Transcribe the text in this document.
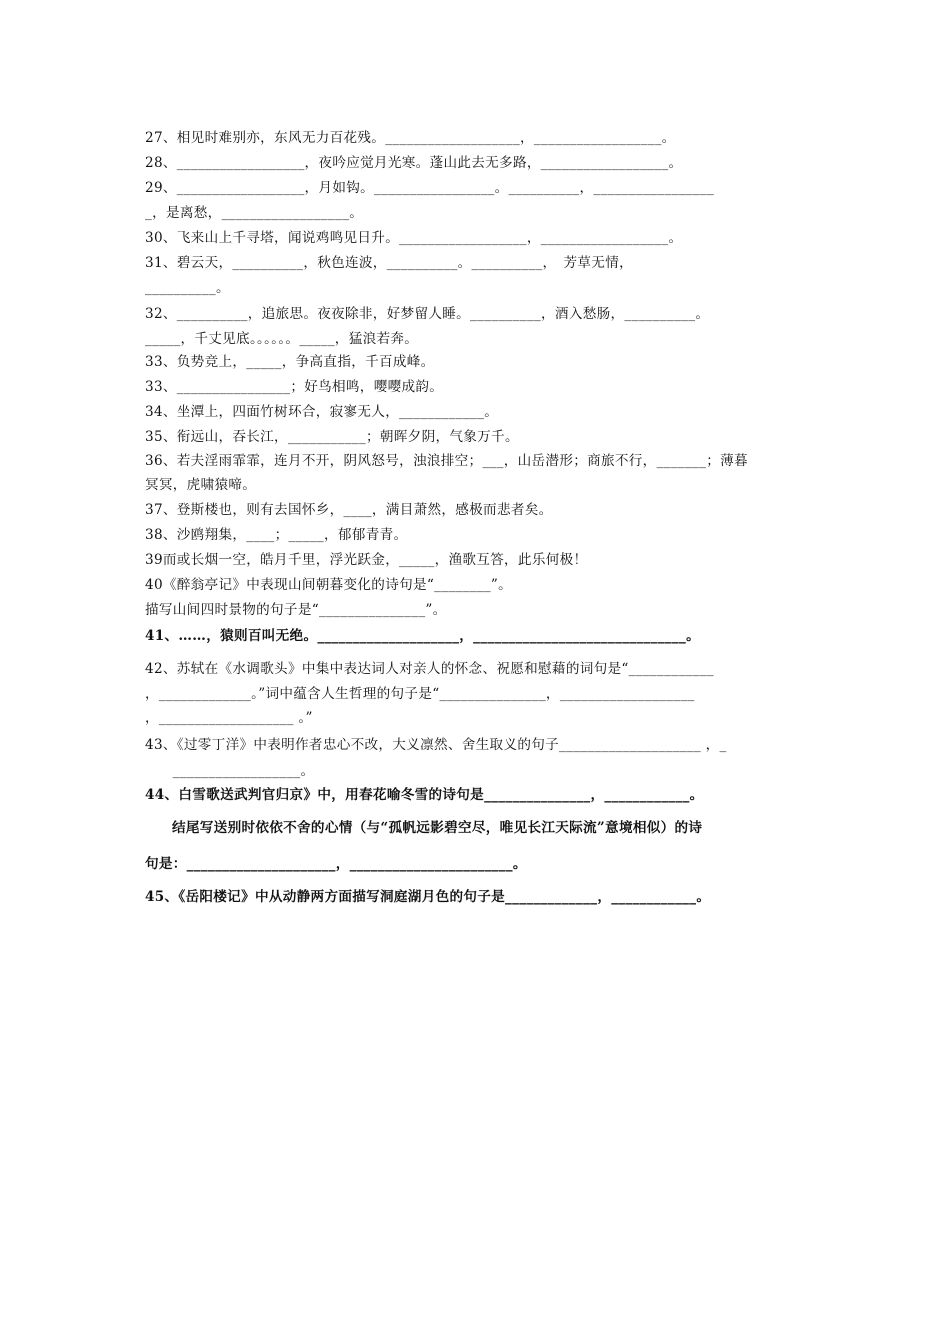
27、相见时难别亦，东风无力百花残。___________________，__________________。
28、__________________，夜吟应觉月光寒。蓬山此去无多路，__________________。
29、__________________，月如钩。_________________。__________，_________________
_，是离愁，__________________。
30、飞来山上千寻塔，闻说鸡鸣见日升。__________________，__________________。
31、碧云天，__________，秋色连波，__________。__________，　芳草无情，
__________。
32、__________，追旅思。夜夜除非，好梦留人睡。__________，酒入愁肠，__________。
_____，千丈见底。。。。。。_____，猛浪若奔。
33、负势竞上，_____，争高直指，千百成峰。
33、________________；好鸟相鸣，嘤嘤成韵。
34、坐潭上，四面竹树环合，寂寥无人，____________。
35、衔远山，吞长江，___________；朝晖夕阴，气象万千。
36、若夫淫雨霏霏，连月不开，阴风怒号，浊浪排空；___，山岳潜形；商旅不行，_______；薄暮
冥冥，虎啸猿啼。
37、登斯楼也，则有去国怀乡，____，满目萧然，感极而悲者矣。
38、沙鸥翔集，____；_____，郁郁青青。
39而或长烟一空，皓月千里，浮光跃金，_____，渔歌互答，此乐何极！
40《醉翁亭记》中表现山间朝暮变化的诗句是“________”。
描写山间四时景物的句子是“_______________”。
41、……，猿则百叫无绝。____________________，______________________________。
42、苏轼在《水调歌头》中集中表达词人对亲人的怀念、祝愿和慰藉的词句是“____________
，_____________。”词中蕴含人生哲理的句子是“_______________，___________________
，___________________ 。”
43、《过零丁洋》中表明作者忠心不改，大义凛然、舍生取义的句子____________________ ，_
　　__________________。
44、白雪歌送武判官归京》中，用春花喻冬雪的诗句是_______________，____________。
结尾写送别时依依不舍的心情（与“孤帆远影碧空尽，唯见长江天际流”意境相似）的诗
句是：_____________________，_______________________。
45、《岳阳楼记》中从动静两方面描写洞庭湖月色的句子是_____________，____________。
